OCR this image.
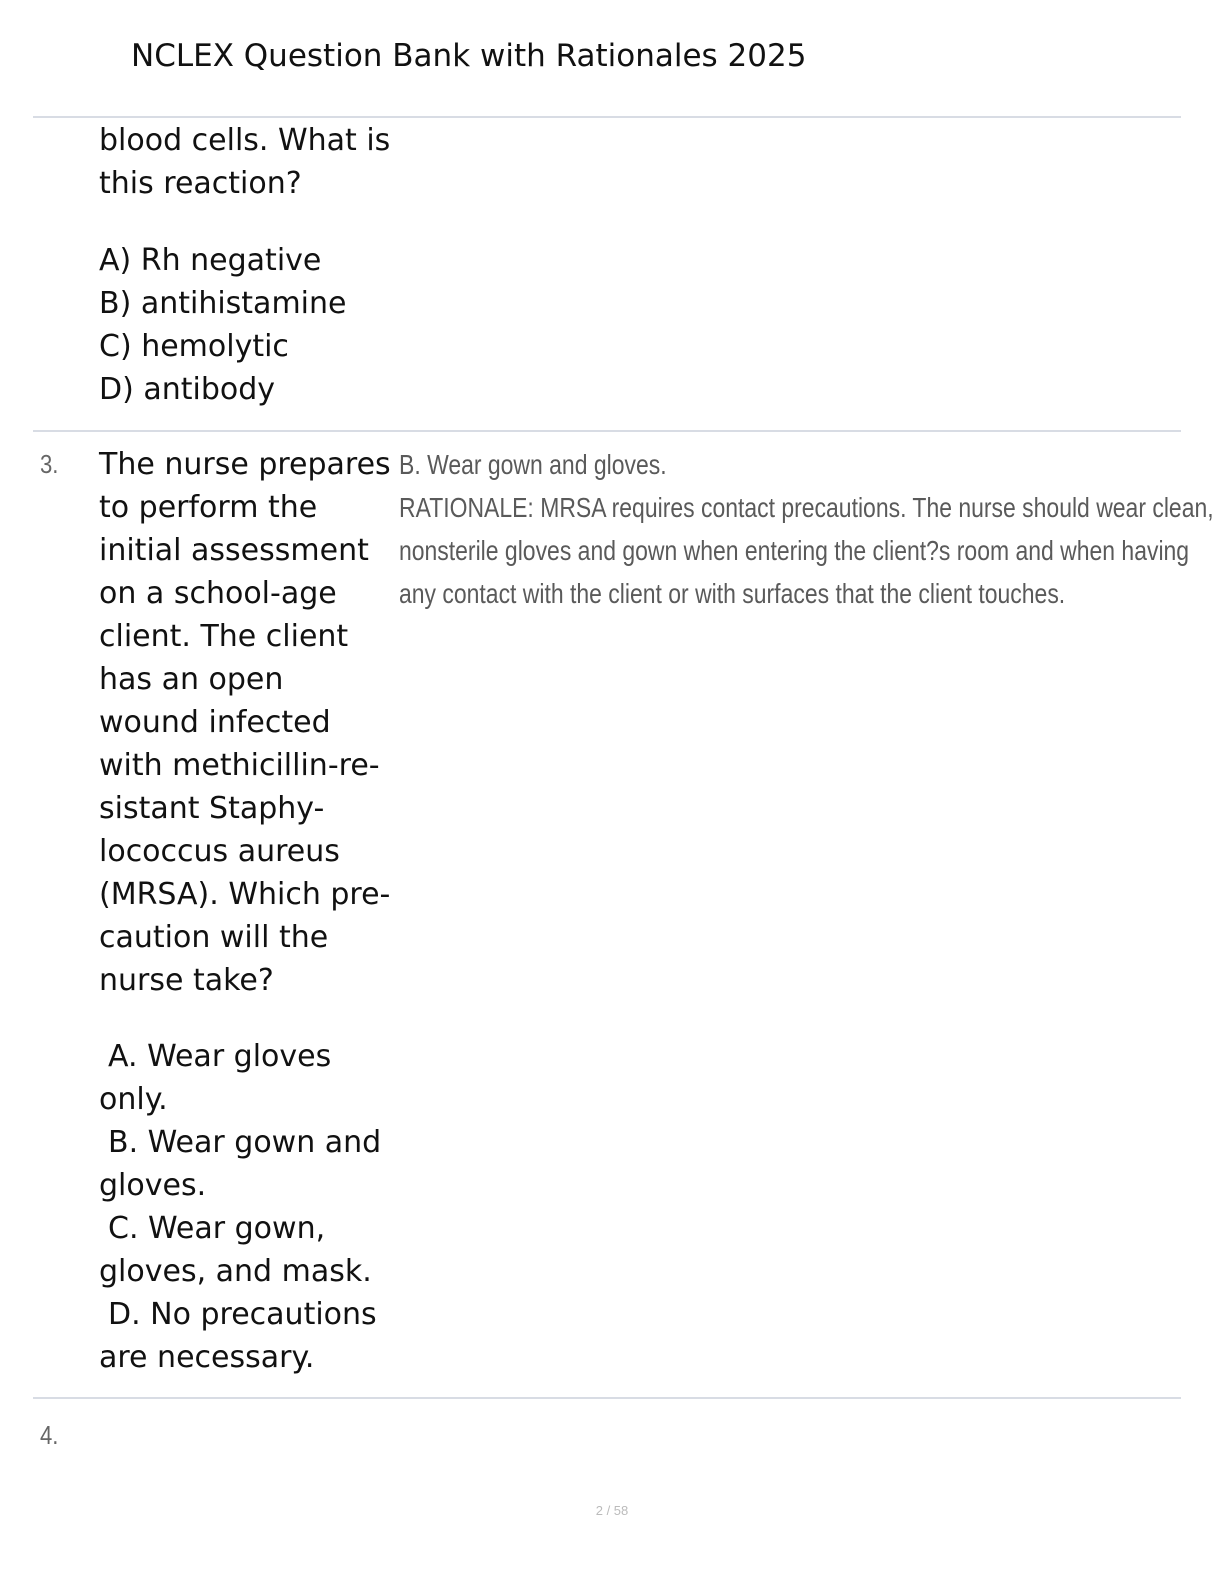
NCLEX Question Bank with Rationales 2025
blood cells. What is
this reaction?
A) Rh negative
B) antihistamine
C) hemolytic
D) antibody
3. The nurse prepares
to perform the
initial assessment
on a school-age
client. The client
has an open
wound infected
with methicillin-re-
sistant Staphy-
lococcus aureus
(MRSA). Which pre-
caution will the
nurse take?
A. Wear gloves
only.
B. Wear gown and
gloves.
C. Wear gown,
gloves, and mask.
D. No precautions
are necessary.
B. Wear gown and gloves.
RATIONALE: MRSA requires contact precautions. The nurse should wear clean,
nonsterile gloves and gown when entering the client?s room and when having
any contact with the client or with surfaces that the client touches.
4.
2 / 58
